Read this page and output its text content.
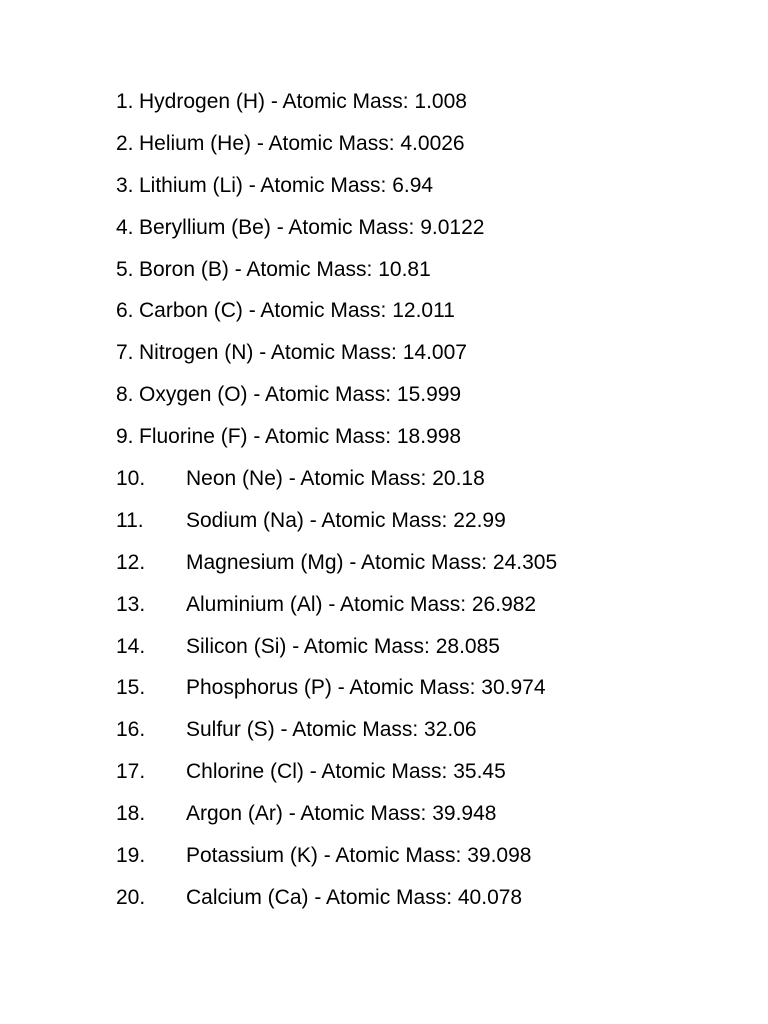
1. Hydrogen (H) - Atomic Mass: 1.008
2. Helium (He) - Atomic Mass: 4.0026
3. Lithium (Li) - Atomic Mass: 6.94
4. Beryllium (Be) - Atomic Mass: 9.0122
5. Boron (B) - Atomic Mass: 10.81
6. Carbon (C) - Atomic Mass: 12.011
7. Nitrogen (N) - Atomic Mass: 14.007
8. Oxygen (O) - Atomic Mass: 15.999
9. Fluorine (F) - Atomic Mass: 18.998
10.	Neon (Ne) - Atomic Mass: 20.18
11.	Sodium (Na) - Atomic Mass: 22.99
12.	Magnesium (Mg) - Atomic Mass: 24.305
13.	Aluminium (Al) - Atomic Mass: 26.982
14.	Silicon (Si) - Atomic Mass: 28.085
15.	Phosphorus (P) - Atomic Mass: 30.974
16.	Sulfur (S) - Atomic Mass: 32.06
17.	Chlorine (Cl) - Atomic Mass: 35.45
18.	Argon (Ar) - Atomic Mass: 39.948
19.	Potassium (K) - Atomic Mass: 39.098
20.	Calcium (Ca) - Atomic Mass: 40.078
